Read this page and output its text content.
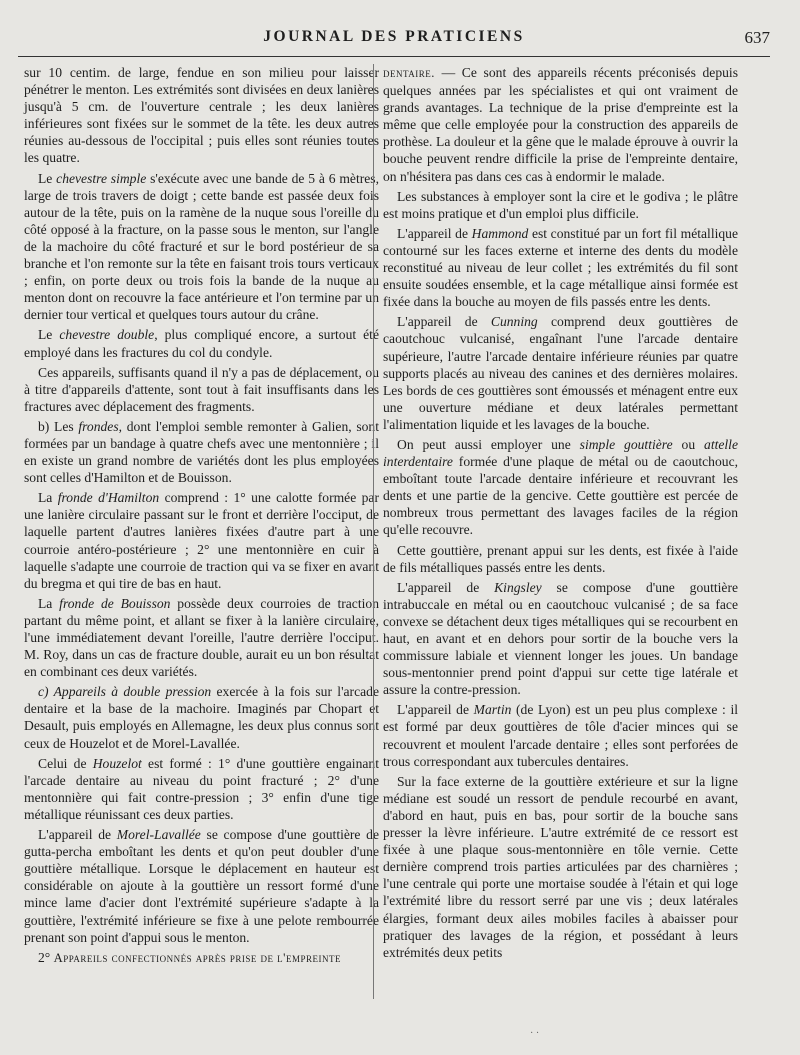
JOURNAL DES PRATICIENS	637

sur 10 centim. de large, fendue en son milieu pour laisser pénétrer le menton. Les extrémités sont divisées en deux lanières jusqu'à 5 cm. de l'ouverture centrale ; les deux lanières inférieures sont fixées sur le sommet de la tête. les deux autres réunies au-dessous de l'occipital ; puis elles sont réunies toutes les quatre.

Le chevestre simple s'exécute avec une bande de 5 à 6 mètres, large de trois travers de doigt ; cette bande est passée deux fois autour de la tête, puis on la ramène de la nuque sous l'oreille du côté opposé à la fracture, on la passe sous le menton, sur l'angle de la machoire du côté fracturé et sur le bord postérieur de sa branche et l'on remonte sur la tête en faisant trois tours verticaux ; enfin, on porte deux ou trois fois la bande de la nuque au menton dont on recouvre la face antérieure et l'on termine par un dernier tour vertical et quelques tours autour du crâne.

Le chevestre double, plus compliqué encore, a surtout été employé dans les fractures du col du condyle.

Ces appareils, suffisants quand il n'y a pas de déplacement, ou à titre d'appareils d'attente, sont tout à fait insuffisants dans les fractures avec déplacement des fragments.

b) Les frondes, dont l'emploi semble remonter à Galien, sont formées par un bandage à quatre chefs avec une mentonnière ; il en existe un grand nombre de variétés dont les plus employées sont celles d'Hamilton et de Bouisson.

La fronde d'Hamilton comprend : 1° une calotte formée par une lanière circulaire passant sur le front et derrière l'occiput, de laquelle partent d'autres lanières fixées d'autre part à une courroie antéro-postérieure ; 2° une mentonnière en cuir à laquelle s'adapte une courroie de traction qui va se fixer en avant du bregma et qui tire de bas en haut.

La fronde de Bouisson possède deux courroies de traction partant du même point, et allant se fixer à la lanière circulaire, l'une immédiatement devant l'oreille, l'autre derrière l'occiput. M. Roy, dans un cas de fracture double, aurait eu un bon résultat en combinant ces deux variétés.

c) Appareils à double pression exercée à la fois sur l'arcade dentaire et la base de la machoire. Imaginés par Chopart et Desault, puis employés en Allemagne, les deux plus connus sont ceux de Houzelot et de Morel-Lavallée.

Celui de Houzelot est formé : 1° d'une gouttière engainant l'arcade dentaire au niveau du point fracturé ; 2° d'une mentonnière qui fait contre-pression ; 3° enfin d'une tige métallique réunissant ces deux parties.

L'appareil de Morel-Lavallée se compose d'une gouttière de gutta-percha emboîtant les dents et qu'on peut doubler d'une gouttière métallique. Lorsque le déplacement en hauteur est considérable on ajoute à la gouttière un ressort formé d'une mince lame d'acier dont l'extrémité supérieure s'adapte à la gouttière, l'extrémité inférieure se fixe à une pelote rembourrée prenant son point d'appui sous le menton.

2° Appareils confectionnés après prise de l'empreinte

dentaire. — Ce sont des appareils récents préconisés depuis quelques années par les spécialistes et qui ont vraiment de grands avantages. La technique de la prise d'empreinte est la même que celle employée pour la construction des appareils de prothèse. La douleur et la gêne que le malade éprouve à ouvrir la bouche peuvent rendre difficile la prise de l'empreinte dentaire, on n'hésitera pas dans ces cas à endormir le malade.

Les substances à employer sont la cire et le godiva ; le plâtre est moins pratique et d'un emploi plus difficile.

L'appareil de Hammond est constitué par un fort fil métallique contourné sur les faces externe et interne des dents du modèle reconstitué au niveau de leur collet ; les extrémités du fil sont ensuite soudées ensemble, et la cage métallique ainsi formée est fixée dans la bouche au moyen de fils passés entre les dents.

L'appareil de Cunning comprend deux gouttières de caoutchouc vulcanisé, engaînant l'une l'arcade dentaire supérieure, l'autre l'arcade dentaire inférieure réunies par quatre supports placés au niveau des canines et des dernières molaires. Les bords de ces gouttières sont émoussés et ménagent entre eux une ouverture médiane et deux latérales permettant l'alimentation liquide et les lavages de la bouche.

On peut aussi employer une simple gouttière ou attelle interdentaire formée d'une plaque de métal ou de caoutchouc, emboîtant toute l'arcade dentaire inférieure et recouvrant les dents et une partie de la gencive. Cette gouttière est percée de nombreux trous permettant des lavages faciles de la région qu'elle recouvre.

Cette gouttière, prenant appui sur les dents, est fixée à l'aide de fils métalliques passés entre les dents.

L'appareil de Kingsley se compose d'une gouttière intrabuccale en métal ou en caoutchouc vulcanisé ; de sa face convexe se détachent deux tiges métalliques qui se recourbent en haut, en avant et en dehors pour sortir de la bouche vers la commissure labiale et viennent longer les joues. Un bandage sous-mentonnier prend point d'appui sur cette tige latérale et assure la contre-pression.

L'appareil de Martin (de Lyon) est un peu plus complexe : il est formé par deux gouttières de tôle d'acier minces qui se recouvrent et moulent l'arcade dentaire ; elles sont perforées de trous correspondant aux tubercules dentaires.

Sur la face externe de la gouttière extérieure et sur la ligne médiane est soudé un ressort de pendule recourbé en avant, d'abord en haut, puis en bas, pour sortir de la bouche sans presser la lèvre inférieure. L'autre extrémité de ce ressort est fixée à une plaque sous-mentonnière en tôle vernie. Cette dernière comprend trois parties articulées par des charnières ; l'une centrale qui porte une mortaise soudée à l'étain et qui loge l'extrémité libre du ressort serré par une vis ; deux latérales élargies, formant deux ailes mobiles faciles à abaisser pour pratiquer des lavages de la région, et possédant à leurs extrémités deux petits

· ·
